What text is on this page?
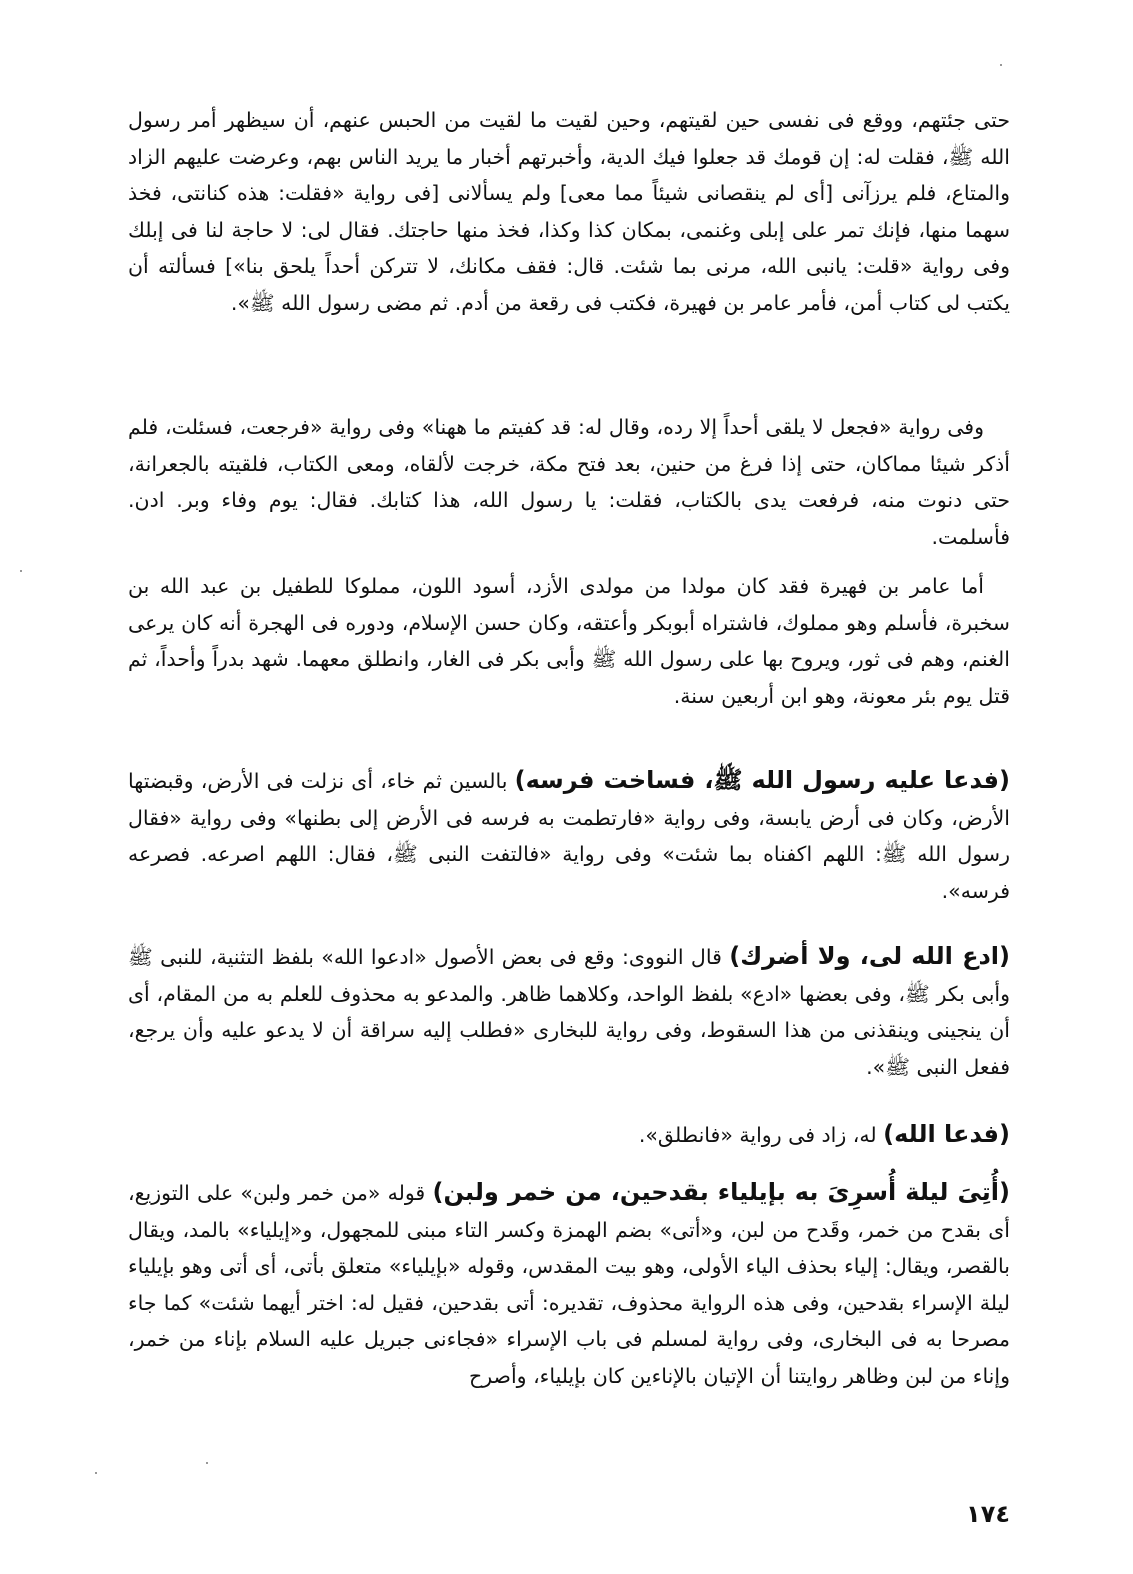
حتى جئتهم، ووقع فى نفسى حين لقيتهم، وحين لقيت ما لقيت من الحبس عنهم، أن سيظهر أمر رسول الله ﷺ، فقلت له: إن قومك قد جعلوا فيك الدية، وأخبرتهم أخبار ما يريد الناس بهم، وعرضت عليهم الزاد والمتاع، فلم يرزآنى [أى لم ينقصانى شيئاً مما معى] ولم يسألانى [فى رواية «فقلت: هذه كنانتى، فخذ سهما منها، فإنك تمر على إبلى وغنمى، بمكان كذا وكذا، فخذ منها حاجتك. فقال لى: لا حاجة لنا فى إبلك وفى رواية «قلت: يانبى الله، مرنى بما شئت. قال: فقف مكانك، لا تتركن أحداً يلحق بنا»] فسألته أن يكتب لى كتاب أمن، فأمر عامر بن فهيرة، فكتب فى رقعة من أدم. ثم مضى رسول الله ﷺ».

وفى رواية «فجعل لا يلقى أحداً إلا رده، وقال له: قد كفيتم ما ههنا» وفى رواية «فرجعت، فسئلت، فلم أذكر شيئا مماكان، حتى إذا فرغ من حنين، بعد فتح مكة، خرجت لألقاه، ومعى الكتاب، فلقيته بالجعرانة، حتى دنوت منه، فرفعت يدى بالكتاب، فقلت: يا رسول الله، هذا كتابك. فقال: يوم وفاء وبر. ادن. فأسلمت.

أما عامر بن فهيرة فقد كان مولدا من مولدى الأزد، أسود اللون، مملوكا للطفيل بن عبد الله بن سخبرة، فأسلم وهو مملوك، فاشتراه أبوبكر وأعتقه، وكان حسن الإسلام، ودوره فى الهجرة أنه كان يرعى الغنم، وهم فى ثور، ويروح بها على رسول الله ﷺ وأبى بكر فى الغار، وانطلق معهما. شهد بدراً وأحداً، ثم قتل يوم بئر معونة، وهو ابن أربعين سنة.

(فدعا عليه رسول الله ﷺ، فساخت فرسه) بالسين ثم خاء، أى نزلت فى الأرض، وقبضتها الأرض، وكان فى أرض يابسة، وفى رواية «فارتطمت به فرسه فى الأرض إلى بطنها» وفى رواية «فقال رسول الله ﷺ: اللهم اكفناه بما شئت» وفى رواية «فالتفت النبى ﷺ، فقال: اللهم اصرعه. فصرعه فرسه».

(ادع الله لى، ولا أضرك) قال النووى: وقع فى بعض الأصول «ادعوا الله» بلفظ التثنية، للنبى ﷺ وأبى بكر ﷺ، وفى بعضها «ادع» بلفظ الواحد، وكلاهما ظاهر. والمدعو به محذوف للعلم به من المقام، أى أن ينجينى وينقذنى من هذا السقوط، وفى رواية للبخارى «فطلب إليه سراقة أن لا يدعو عليه وأن يرجع، ففعل النبى ﷺ».

(فدعا الله) له، زاد فى رواية «فانطلق».

(أُتِىَ ليلة أُسرِىَ به بإيلياء بقدحين، من خمر ولبن) قوله «من خمر ولبن» على التوزيع، أى بقدح من خمر، وقَدح من لبن، و«أتى» بضم الهمزة وكسر التاء مبنى للمجهول، و«إيلياء» بالمد، ويقال بالقصر، ويقال: إلياء بحذف الياء الأولى، وهو بيت المقدس، وقوله «بإيلياء» متعلق بأتى، أى أتى وهو بإيلياء ليلة الإسراء بقدحين، وفى هذه الرواية محذوف، تقديره: أتى بقدحين، فقيل له: اختر أيهما شئت» كما جاء مصرحا به فى البخارى، وفى رواية لمسلم فى باب الإسراء «فجاءنى جبريل عليه السلام بإناء من خمر، وإناء من لبن وظاهر روايتنا أن الإتيان بالإناءين كان بإيلياء، وأصرح

١٧٤
